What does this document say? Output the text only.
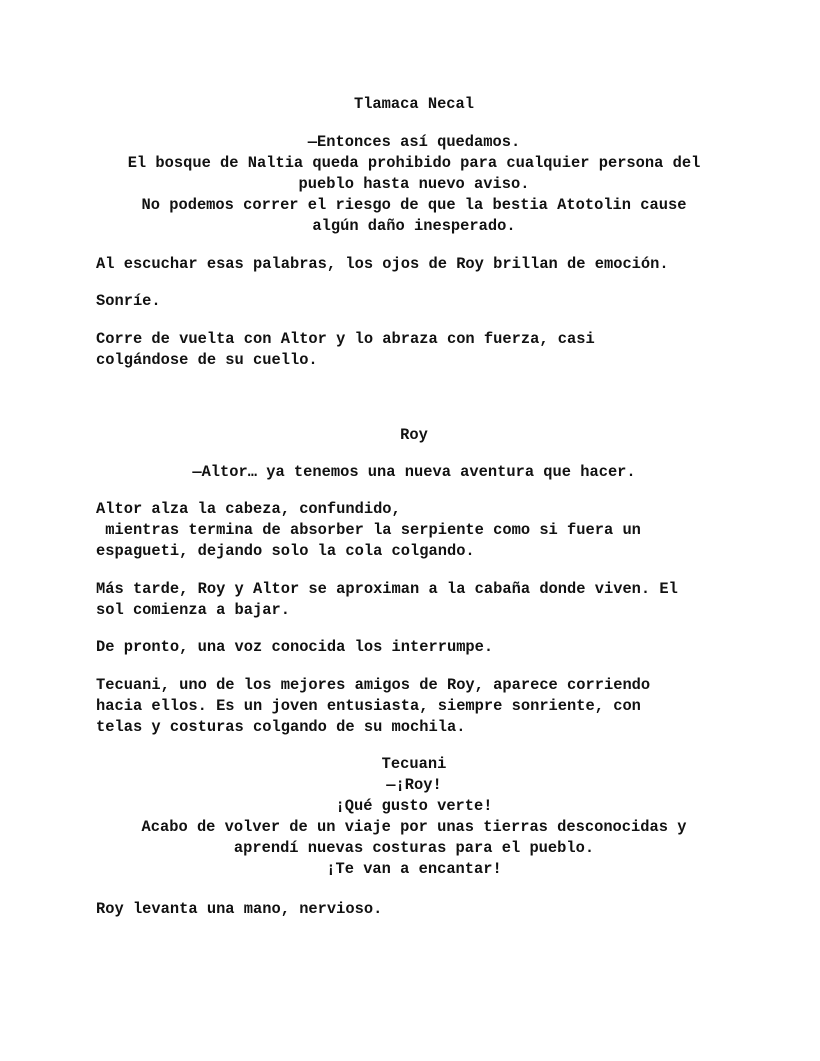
Tlamaca Necal
—Entonces así quedamos.
El bosque de Naltia queda prohibido para cualquier persona del
pueblo hasta nuevo aviso.
No podemos correr el riesgo de que la bestia Atotolin cause
algún daño inesperado.
Al escuchar esas palabras, los ojos de Roy brillan de emoción.
Sonríe.
Corre de vuelta con Altor y lo abraza con fuerza, casi
colgándose de su cuello.
Roy
—Altor… ya tenemos una nueva aventura que hacer.
Altor alza la cabeza, confundido,
mientras termina de absorber la serpiente como si fuera un
espagueti, dejando solo la cola colgando.
Más tarde, Roy y Altor se aproximan a la cabaña donde viven. El
sol comienza a bajar.
De pronto, una voz conocida los interrumpe.
Tecuani, uno de los mejores amigos de Roy, aparece corriendo
hacia ellos. Es un joven entusiasta, siempre sonriente, con
telas y costuras colgando de su mochila.
Tecuani
—¡Roy!
¡Qué gusto verte!
Acabo de volver de un viaje por unas tierras desconocidas y
aprendí nuevas costuras para el pueblo.
¡Te van a encantar!
Roy levanta una mano, nervioso.
